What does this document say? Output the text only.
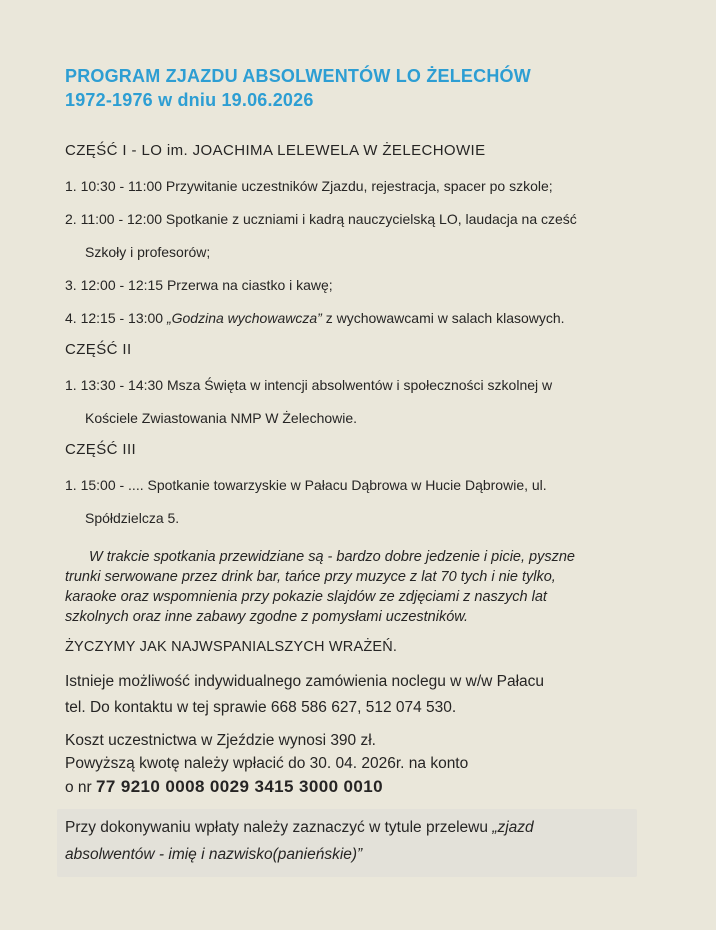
PROGRAM ZJAZDU ABSOLWENTÓW LO ŻELECHÓW
1972-1976 w dniu 19.06.2026
CZĘŚĆ I - LO im. JOACHIMA LELEWELA W ŻELECHOWIE
1. 10:30 - 11:00 Przywitanie uczestników Zjazdu, rejestracja, spacer po szkole;
2. 11:00 - 12:00 Spotkanie z uczniami i kadrą nauczycielską LO, laudacja na cześć
Szkoły i profesorów;
3. 12:00 - 12:15 Przerwa na ciastko i kawę;
4. 12:15 - 13:00 „Godzina wychowawcza” z wychowawcami w salach klasowych.
CZĘŚĆ II
1. 13:30 - 14:30 Msza Święta w intencji absolwentów i społeczności szkolnej w
Kościele Zwiastowania NMP W Żelechowie.
CZĘŚĆ III
1. 15:00 - .... Spotkanie towarzyskie w Pałacu Dąbrowa w Hucie Dąbrowie, ul.
Spółdzielcza 5.
W trakcie spotkania przewidziane są - bardzo dobre jedzenie i picie, pyszne
trunki serwowane przez drink bar, tańce przy muzyce z lat 70 tych i nie tylko,
karaoke oraz wspomnienia przy pokazie slajdów ze zdjęciami z naszych lat
szkolnych oraz inne zabawy zgodne z pomysłami uczestników.
ŻYCZYMY JAK NAJWSPANIALSZYCH WRAŻEŃ.
Istnieje możliwość indywidualnego zamówienia noclegu w w/w Pałacu
tel. Do kontaktu w tej sprawie 668 586 627, 512 074 530.
Koszt uczestnictwa w Zjeździe wynosi 390 zł.
Powyższą kwotę należy wpłacić do 30. 04. 2026r. na konto
o nr 77 9210 0008 0029 3415 3000 0010
Przy dokonywaniu wpłaty należy zaznaczyć w tytule przelewu „zjazd
absolwentów - imię i nazwisko(panieńskie)”
